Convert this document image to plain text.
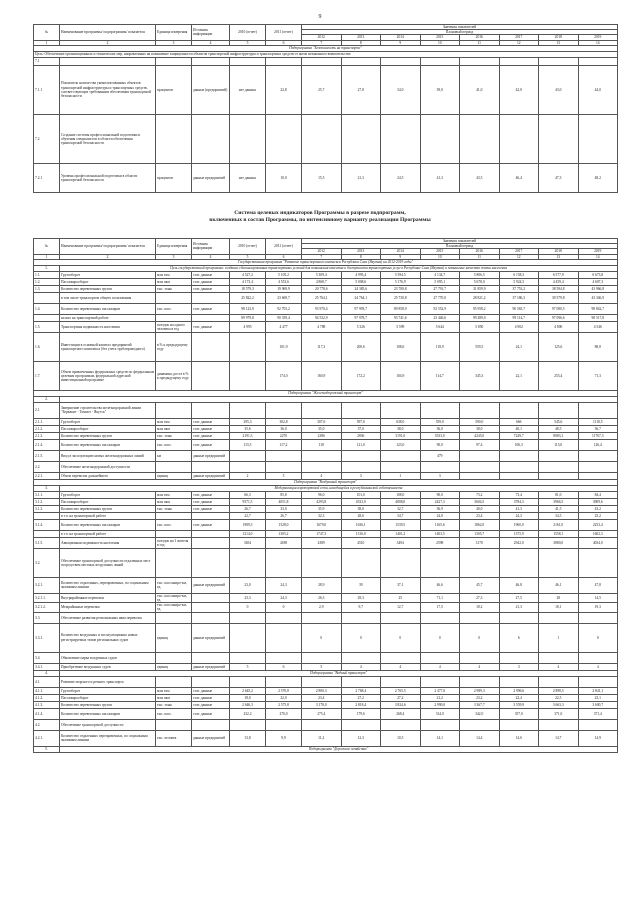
9
№	Наименование программы/ подпрограммы/ показателя	Единица измерения	Источник информации	2010 (отчет)	2011 (отчет)	Значения показателей							
						Плановый период							
						2012	2013	2014	2015	2016	2017	2018	2019
1	2	3	4	5	6	7	8	9	10	11	12	13	14
Подпрограмма "Безопасность на транспорте"													
Цель: Обеспечение организационных и технических мер, направленных на повышение защищенности объектов транспортной инфраструктуры и транспортных средств от актов незаконного вмешательства													
7.1													
7.1.1	Показатель количества укомплектованных объектов транспортной инфраструктуры и транспортных средств, соответствующих требованиям обеспечения транспортной безопасности	процентов	данные (предприятий)	нет данных	22,8	25,7	27,8	34,0	39,0	41,0	42,0	43,0	44,0
7.2	Создание системы профессиональной подготовки и обучения специалистов в области обеспечения транспортной безопасности												
7.2.1	Уровень профессиональной подготовки в области транспортной безопасности	процентов	данные предприятий	нет данных	10,0	15,5	21,3	24,5	41,3	43,5	46,4	47,3	48,2
Система целевых индикаторов Программы в разрезе подпрограмм,
включенных в состав Программы, по интенсивному варианту реализации Программы
№	Наименование программы/ подпрограммы/ показателя	Единица измерения	Источник информации	2010 (отчет)	2011 (отчет)	Значения показателей							
						Плановый период							
						2012	2013	2014	2015	2016	2017	2018	2019
1	2	3	4	5	6	7	8	9	10	11	12	13	14
Государственная программа "Развитие транспортного комплекса Республики Саха (Якутия) на 2012-2019 годы"													
1.	Цель государственной программы: создание сбалансированных транспортных условий для повышения качества и доступности транспортных услуг в Республике Саха (Якутия) и повышение качества жизни населения												
1.1.	Грузооборот	млн ткм	стат. данные	4 527,2	5 105,2	5 309,4	4 995,4	5 594,5	4 134,7	5 806,5	6 158,3	6 577,9	6 673,8
1.2.	Пассажирооборот	млн пкм	стат. данные	4 173,4	4 553,6	4 868,7	5 008,6	5 176,9	5 095,1	5 678,0	5 924,5	4 459,4	4 607,3
1.3.	Количество перевезенных грузов	тыс. тонн	стат. данные	18 579,3	19 969,9	20 778,6	24 385,6	23 700,8	27 791,7	31 859,9	37 753,2	38 594,8	43 966,8
	в том числе транспортом общего пользования			25 822,2	23 669,7	25 764,1	24 764,1	25 730,8	27 770,0	28 821,2	37 186,3	39 579,8	43 346,9
1.4.	Количество перевезенных пассажиров	тыс. пасс.	стат. данные	98 123,9	92 703,2	93 970,4	97 993,7	89 858,9	92 552,9	95 958,2	96 565,7	97 080,5	98 842,7
	на них на транспортной работе			89 979,8	90 359,4	94 532,9	97 978,7	93 741,6	23 446,6	99 289,0	99 114,7	97 096,6	98 517,8
1.5.	Транспортная подвижность населения	поездок на одного человека в год	стат. данные	4 995	4 477	4 788	5 326	5 599	5 644	5 850	4 902	4 800	4 546
1.6.	Инвестиции в основной капитал предприятий транспортного комплекса (без учета трубопроводного)	в % к предыдущему году			101,9	117,3	200,6	108,6	118,9	559,5	24,1	125,6	88,8
1.7.	Объем привлеченных федеральных средств по федеральным целевым программам, федеральной адресной инвестиционной программе	динамика, роста в % к предыдущему году			174,0	160,9	172,2	104,9	114,7	345,3	22,1	253,4	71,3
Подпрограмма "Железнодорожный транспорт"													
2.													
2.1.	Завершение строительства железнодорожной линии "Беркакит - Томмот - Якутск"												
2.1.1.	Грузооборот	млн ткм	стат. данные	295,3	302,8	307,6	597,0	638,0	559,0	590,0	666	545,6	1118,5
2.1.2.	Пассажирооборот	млн пкм	стат. данные	35,6	36,0	35,0	37,0	38,0	36,0	38,0	40,1	48,5	56,7
2.1.3.	Количество перевезенных грузов	тыс. тонн	стат. данные	2191,3	2270	2386	2836	3191,0	3533,0	4245,0	7249,7	8083,1	11767,3
2.1.4.	Количество перевезенных пассажиров	тыс. пасс.	стат. данные	115,5	117,2	118	121,0	123,0	90,0	97,4	106,3	115,0	126,4
2.1.5.	Ввод в эксплуатацию новых железнодорожных линий	км	данные предприятий						479				
2.2.	Обеспечение железнодорожной доступности												
2.2.1.	Объем перевозок дальнейшего	единиц	данные предприятий	2	5	4	3	1	3				
Подпрограмма "Воздушный транспорт"													
3.	Модернизация аэропортовой сети, находящейся в республиканской собственности												
3.1.1.	Грузооборот	млн ткм	стат. данные	66,3	85,8	96,0	101,0	108,0	90,0	73,2	73,4	81,0	84,4
3.1.2.	Пассажирооборот	млн пкм	стат. данные	9571,5	4051,8	4293,8	4533,0	4808,0	2427,3	3604,5	3784,3	3966,5	3909,6
3.1.3.	Количество перевезенных грузов	тыс. тонн	стат. данные	26,7	33,0	35,9	38,0	32,7	36,9	40,0	41,3	41,5	43,2
	в т.ч. на транспортной работе			22,7	26,7	32,3	28,6	34,7	24,0	23,4	24,3	34,5	25,2
3.1.4.	Количество перевезенных пассажиров	тыс. пасс.	стат. данные	1989,3	1528,0	1679,0	1636,1	1539,5	1165,6	1862,0	1960,0	2161,0	2253,4
	в т.ч. на транспортной работе			1214,0	1305,2	1747,3	1516,0	1401,2	1403,5	1305,7	1375,9	1558,1	1602,3
3.1.5.	Авиационная подвижность населения	поездок на 1 жителя в год		3654	4188	4389	4510	3494	2598	3170	2942,0	3880,0	4034,0
3.2.	Обеспечение транспортной доступности отдаленных мест посредством местных воздушных линий												
3.2.1.	Количество отдаленных, переправочных, по социальным значимым линиям	тыс. пассажиро-км, ед.	данные предприятий	23,0	24,3	28,9	39	37,1	46,6	45,7	46,8	46,1	47,8
3.2.1.1.	Внутрирайонные перевозки	тыс. пассажиро-км, ед.		23,3	24,3	26,3	29,3	25	71,1	27,3	27,5	28	14,5
3.2.1.2.	Межрайонные перевозки	тыс. пассажиро-км, ед.		0	0	2,9	9,7	12,7	17,5	18,2	21,3	18,1	19,3
3.3.	Обеспечение развития региональных авиа перевозок												
3.3.1.	Количество воздушных и эксплуатационно новых регистрируемых типов региональных судов	единиц	данные предприятий			0	0	0	0	0	6	1	0
3.4.	Обновление парка воздушных судов												
3.4.1.	Приобретение воздушных судов	единиц	данные предприятий	5	6	5	4	4	4	4	3	4	4
4.	Подпрограмма "Водный транспорт"												
4.1.	Развитие морского и речного транспорта												
4.1.1.	Грузооборот	млн ткм	стат. данные	2 645,2	2 570,8	2 800,3	2 768,4	2 765,5	2 477,6	2 989,3	2 996,6	2 898,5	2 841,1
4.1.2.	Пассажирооборот	млн пкм	стат. данные	18,0	22,0	23,4	27,2	27,2	21,2	23,2	22,4	22,5	23,1
4.1.3.	Количество перевезенных грузов	тыс. тонн	стат. данные	2 646,3	2 575,8	3 178,0	2 818,4	3 824,6	2 990,0	3 367,7	3 559,9	3 663,3	3 600,7
4.1.4.	Количество перевезенных пассажиров	тыс. пасс.	стат. данные	232,2	270,0	275,4	179,6	268,4	314,0	342,0	357,0	371,0	371,4
4.2.	Обеспечение транспортной доступности												
4.2.1.	Количество отдаленных переправочных, по социальным значимым линиям	тыс. человек	данные предприятий	13,8	9,9	11,2	12,3	10,5	14,1	14,4	14,6	14,7	14,9
5.	Подпрограмма "Дорожное хозяйство"												
